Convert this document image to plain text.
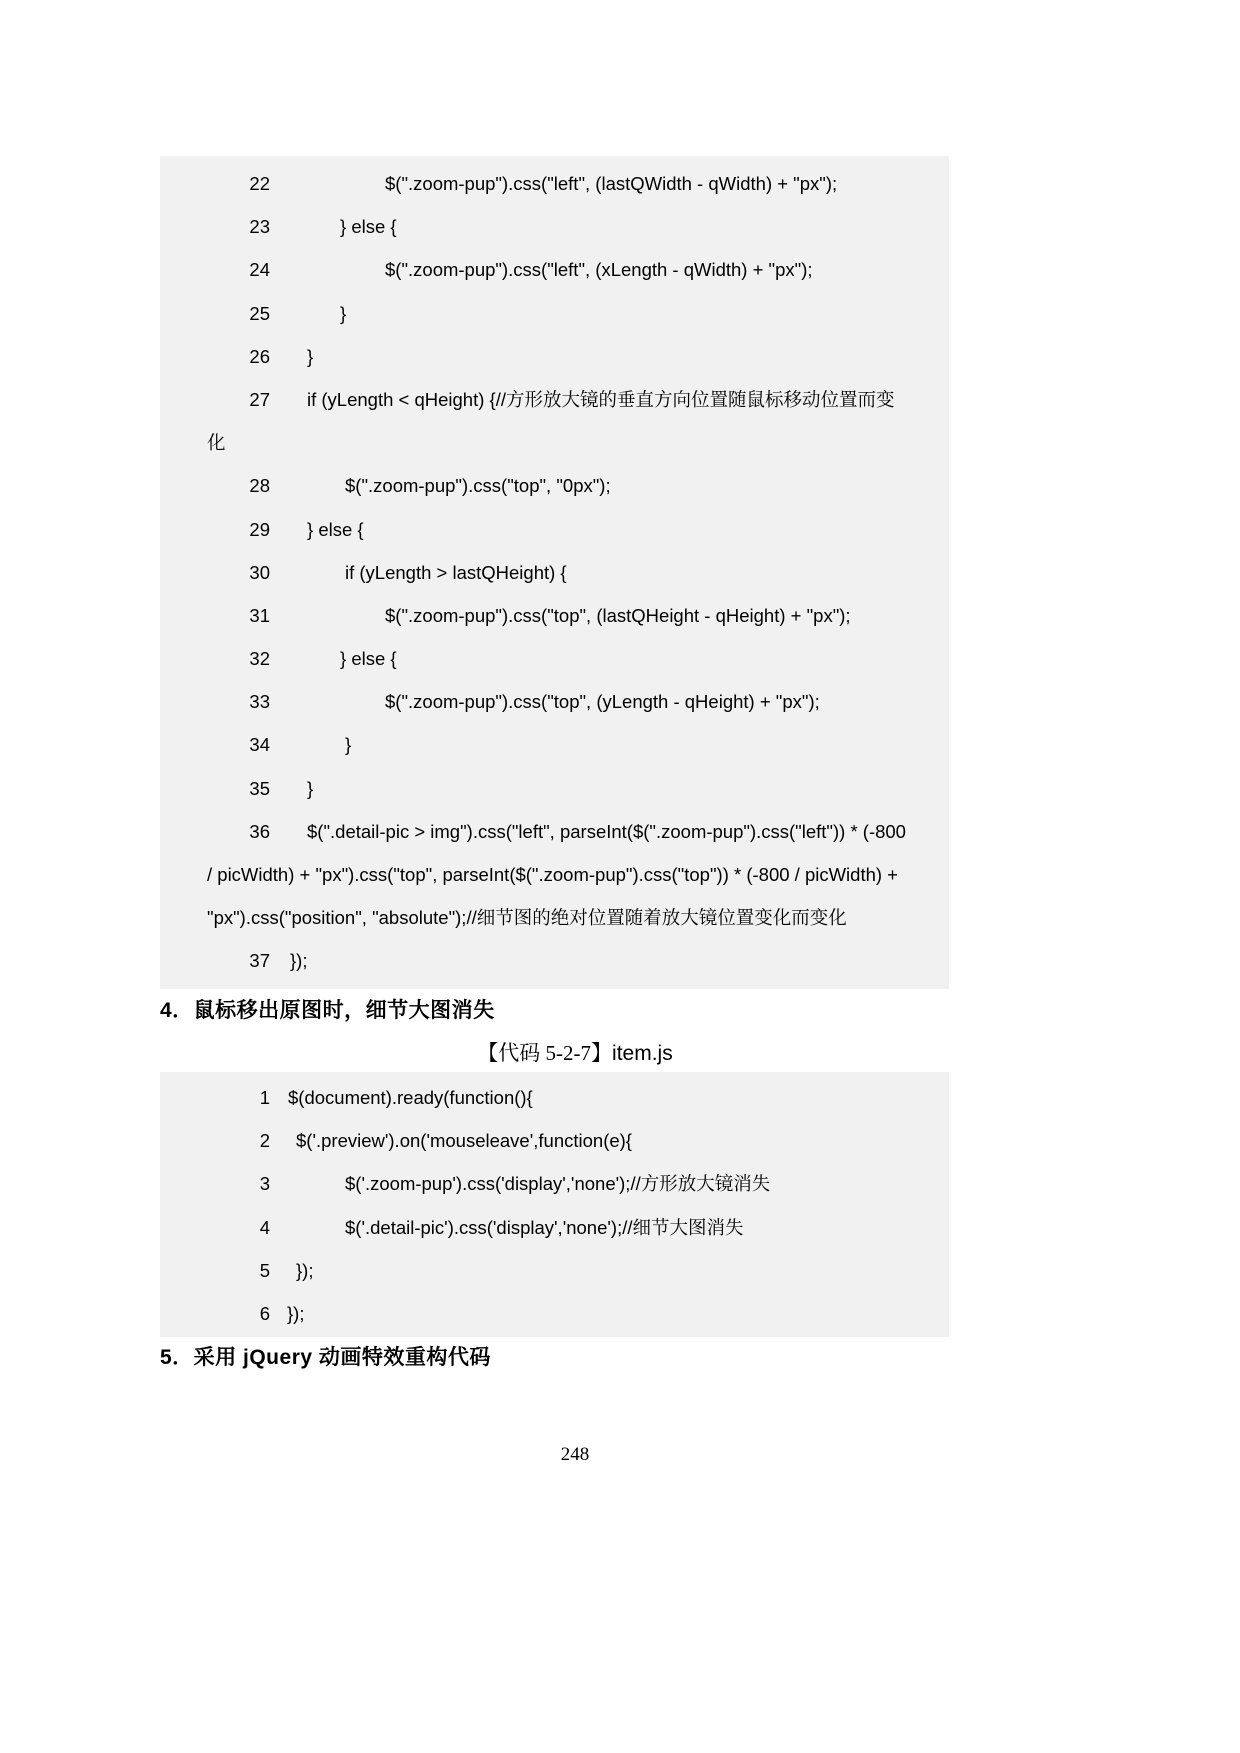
22	$(".zoom-pup").css("left", (lastQWidth - qWidth) + "px");
23	} else {
24	$(".zoom-pup").css("left", (xLength - qWidth) + "px");
25	}
26	}
27	if (yLength < qHeight) {//方形放大镜的垂直方向位置随鼠标移动位置而变
化
28	$(".zoom-pup").css("top", "0px");
29	} else {
30	if (yLength > lastQHeight) {
31	$(".zoom-pup").css("top", (lastQHeight - qHeight) + "px");
32	} else {
33	$(".zoom-pup").css("top", (yLength - qHeight) + "px");
34	}
35	}
36	$(".detail-pic > img").css("left", parseInt($(".zoom-pup").css("left")) * (-800
/ picWidth) + "px").css("top", parseInt($(".zoom-pup").css("top")) * (-800 / picWidth) +
"px").css("position", "absolute");//细节图的绝对位置随着放大镜位置变化而变化
37	});
4．鼠标移出原图时，细节大图消失
【代码 5-2-7】item.js
1 $(document).ready(function(){
2	$('.preview').on('mouseleave',function(e){
3	$('.zoom-pup').css('display','none');//方形放大镜消失
4	$('.detail-pic').css('display','none');//细节大图消失
5	});
6 });
5．采用 jQuery 动画特效重构代码
248
